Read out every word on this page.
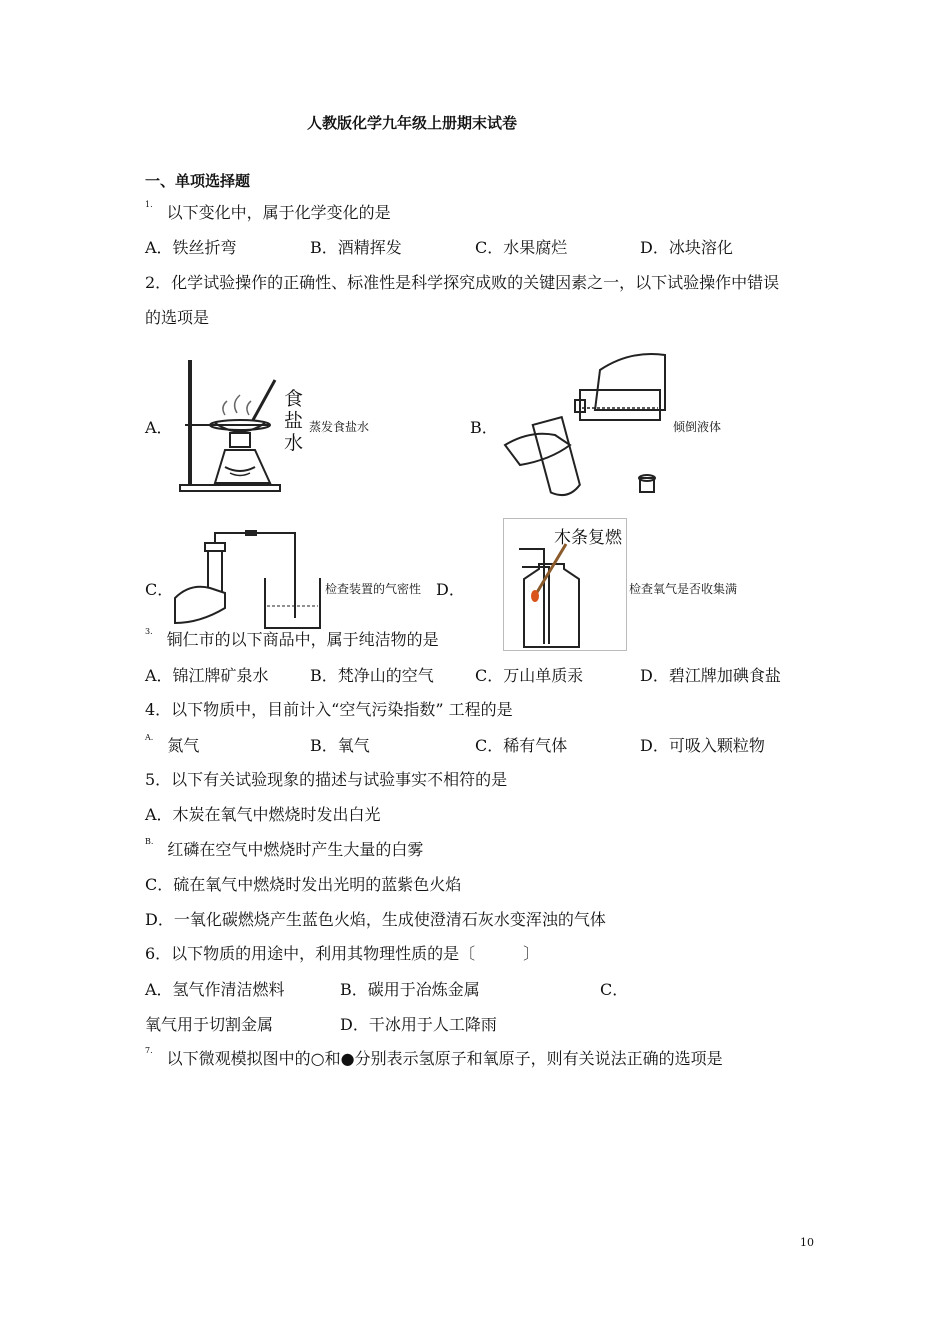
人教版化学九年级上册期末试卷
一、单项选择题
$^{1.}$ 以下变化中，属于化学变化的是
A．铁丝折弯	B．酒精挥发	C．水果腐烂	D．冰块溶化
2．化学试验操作的正确性、标准性是科学探究成败的关键因素之一，以下试验操作中错误
的选项是
A．
食
盐
水
蒸发食盐水	B．	倾倒液体
C．	检查装置的气密性 D．
木条复燃
检查氧气是否收集满
$^{3.}$ 铜仁市的以下商品中，属于纯洁物的是
A．锦江牌矿泉水	B．梵净山的空气	C．万山单质汞	D．碧江牌加碘食盐
4．以下物质中，目前计入“空气污染指数” 工程的是
$^{A.}$ 氮气	B．氧气	C．稀有气体	D．可吸入颗粒物
5．以下有关试验现象的描述与试验事实不相符的是
A．木炭在氧气中燃烧时发出白光
$^{B.}$ 红磷在空气中燃烧时产生大量的白雾
C．硫在氧气中燃烧时发出光明的蓝紫色火焰
D．一氧化碳燃烧产生蓝色火焰，生成使澄清石灰水变浑浊的气体
6．以下物质的用途中，利用其物理性质的是〔　　　〕
A．氢气作清洁燃料	B．碳用于冶炼金属	C．
氧气用于切割金属	D．干冰用于人工降雨
$^{7.}$ 以下微观模拟图中的○和●分别表示氢原子和氧原子，则有关说法正确的选项是
10
